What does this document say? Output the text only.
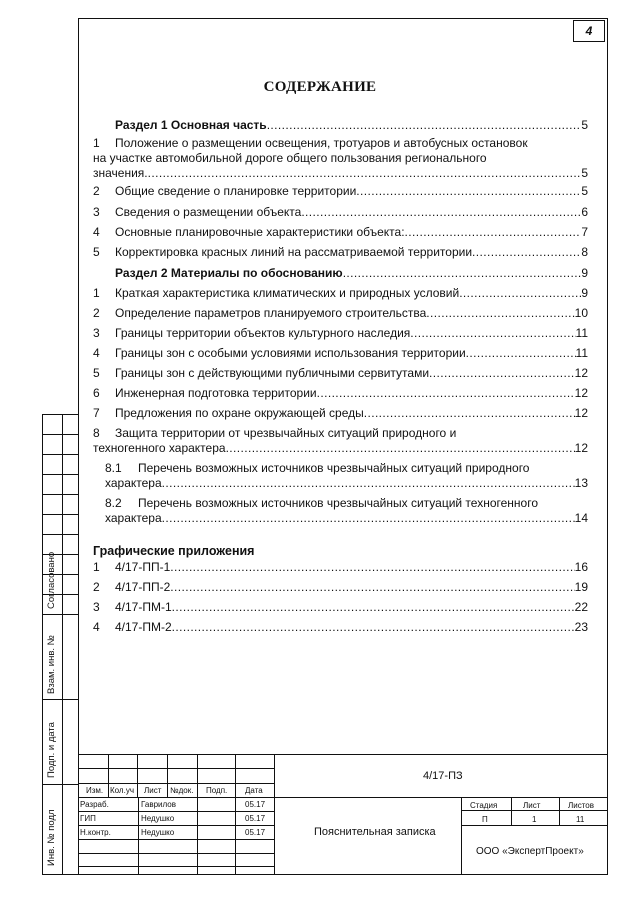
4
СОДЕРЖАНИЕ
Раздел 1 Основная часть .....	5
1	Положение о размещении освещения, тротуаров и автобусных остановок
на участке автомобильной дороге общего пользования регионального
значения. .....	5
2	Общие сведение о планировке территории .....	5
3	Сведения о размещении объекта .....	6
4	Основные планировочные характеристики объекта: .....	7
5	Корректировка красных линий на рассматриваемой территории .....	8
Раздел 2 Материалы по обоснованию .....	9
1	Краткая характеристика климатических и природных условий .....	9
2	Определение параметров планируемого строительства .....	10
3	Границы территории объектов культурного наследия .....	11
4	Границы зон с особыми условиями использования территории .....	11
5	Границы зон с действующими публичными сервитутами .....	12
6	Инженерная подготовка территории .....	12
7	Предложения по охране окружающей среды .....	12
8	Защита территории от чрезвычайных ситуаций природного и
техногенного характера .....	12
8.1	Перечень возможных источников чрезвычайных ситуаций природного
характера .....	13
8.2	Перечень возможных источников чрезвычайных ситуаций техногенного
характера .....	14
Графические приложения
1	4/17-ПП-1 .....	16
2	4/17-ПП-2 .....	19
3	4/17-ПМ-1 .....	22
4	4/17-ПМ-2 .....	23
Согласовано
Взам. инв. №
Подп. и дата
Инв. № подл
Изм. Кол.уч Лист №док. Подп. Дата
Разраб.	Гаврилов	05.17
ГИП	Недушко	05.17
Н.контр.	Недушко	05.17
4/17-ПЗ
Пояснительная записка
Стадия	Лист	Листов
П	1	11
ООО «ЭкспертПроект»
